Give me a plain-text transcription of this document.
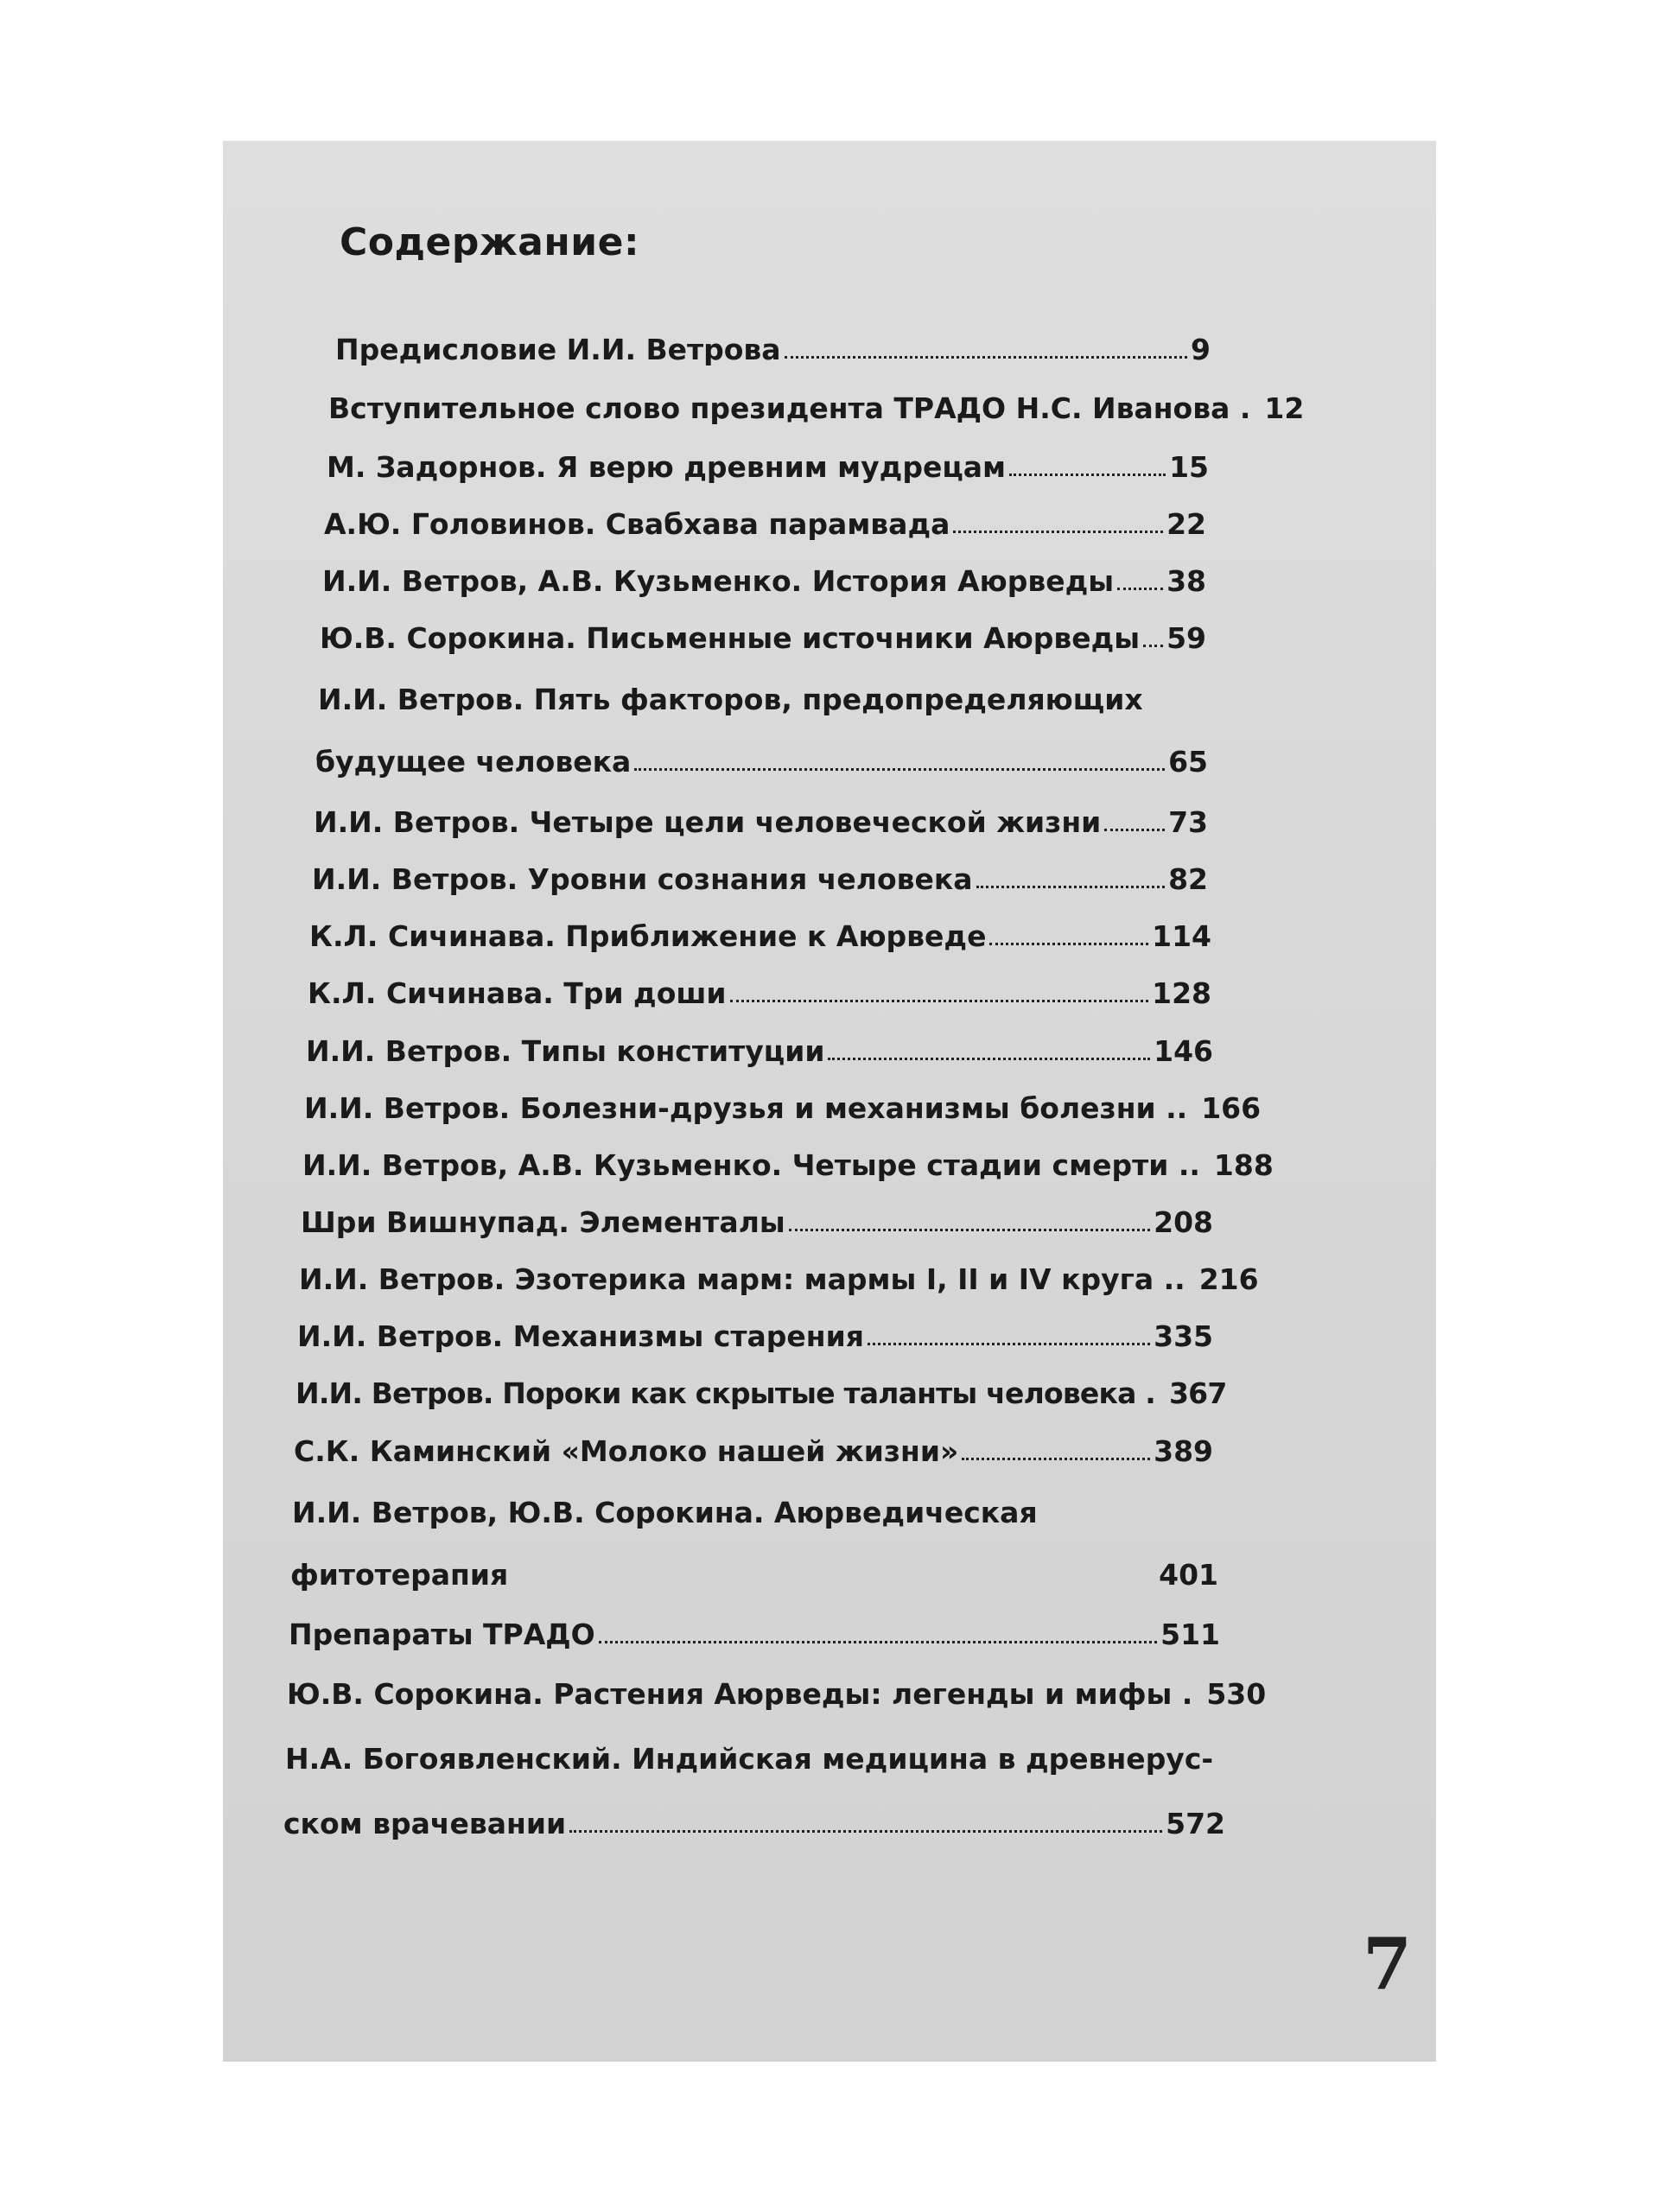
Содержание:
Предисловие И.И. Ветрова	9
Вступительное слово президента ТРАДО Н.С. Иванова . 12
М. Задорнов. Я верю древним мудрецам	15
А.Ю. Головинов. Свабхава парамвада	22
И.И. Ветров, А.В. Кузьменко. История Аюрведы 38
Ю.В. Сорокина. Письменные источники Аюрведы 59
И.И. Ветров. Пять факторов, предопределяющих
будущее человека	65
И.И. Ветров. Четыре цели человеческой жизни 73
И.И. Ветров. Уровни сознания человека	82
К.Л. Сичинава. Приближение к Аюрведе	114
К.Л. Сичинава. Три доши	128
И.И. Ветров. Типы конституции	146
И.И. Ветров. Болезни-друзья и механизмы болезни .. 166
И.И. Ветров, А.В. Кузьменко. Четыре стадии смерти .. 188
Шри Вишнупад. Элементалы	208
И.И. Ветров. Эзотерика марм: мармы I, II и IV круга .. 216
И.И. Ветров. Механизмы старения	335
И.И. Ветров. Пороки как скрытые таланты человека . 367
С.К. Каминский «Молоко нашей жизни»	389
И.И. Ветров, Ю.В. Сорокина. Аюрведическая
фитотерапия	401
Препараты ТРАДО	511
Ю.В. Сорокина. Растения Аюрведы: легенды и мифы . 530
Н.А. Богоявленский. Индийская медицина в древнерус-
ском врачевании	572
7
